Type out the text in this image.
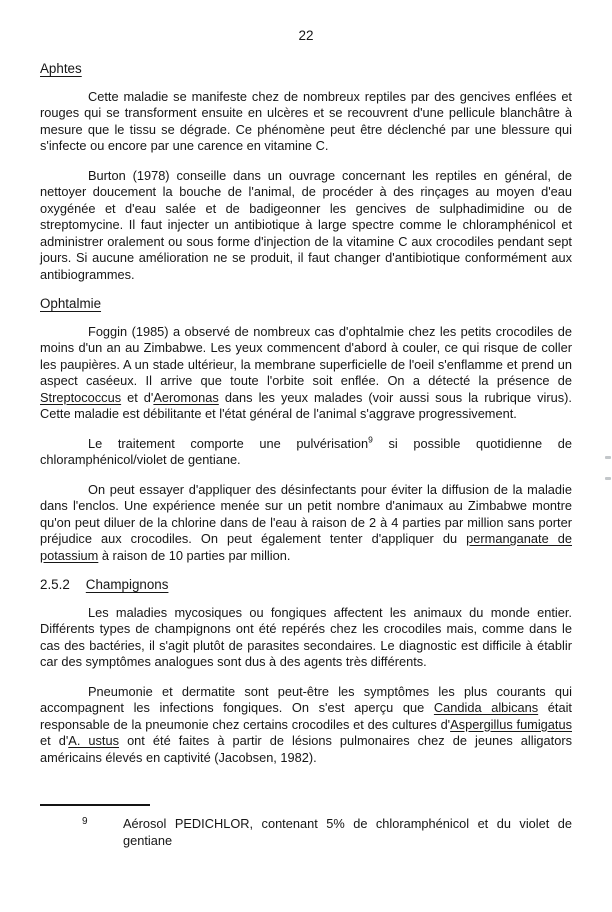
22
Aphtes

Cette maladie se manifeste chez de nombreux reptiles par des gencives enflées et rouges qui se transforment ensuite en ulcères et se recouvrent d'une pellicule blanchâtre à mesure que le tissu se dégrade. Ce phénomène peut être déclenché par une blessure qui s'infecte ou encore par une carence en vitamine C.

Burton (1978) conseille dans un ouvrage concernant les reptiles en général, de nettoyer doucement la bouche de l'animal, de procéder à des rinçages au moyen d'eau oxygénée et d'eau salée et de badigeonner les gencives de sulphadimidine ou de streptomycine. Il faut injecter un antibiotique à large spectre comme le chloramphénicol et administrer oralement ou sous forme d'injection de la vitamine C aux crocodiles pendant sept jours. Si aucune amélioration ne se produit, il faut changer d'antibiotique conformément aux antibiogrammes.

Ophtalmie

Foggin (1985) a observé de nombreux cas d'ophtalmie chez les petits crocodiles de moins d'un an au Zimbabwe. Les yeux commencent d'abord à couler, ce qui risque de coller les paupières. A un stade ultérieur, la membrane superficielle de l'oeil s'enflamme et prend un aspect caséeux. Il arrive que toute l'orbite soit enflée. On a détecté la présence de Streptococcus et d'Aeromonas dans les yeux malades (voir aussi sous la rubrique virus). Cette maladie est débilitante et l'état général de l'animal s'aggrave progressivement.

Le traitement comporte une pulvérisation$^9$ si possible quotidienne de chloramphénicol/violet de gentiane.

On peut essayer d'appliquer des désinfectants pour éviter la diffusion de la maladie dans l'enclos. Une expérience menée sur un petit nombre d'animaux au Zimbabwe montre qu'on peut diluer de la chlorine dans de l'eau à raison de 2 à 4 parties par million sans porter préjudice aux crocodiles. On peut également tenter d'appliquer du permanganate de potassium à raison de 10 parties par million.

2.5.2 Champignons

Les maladies mycosiques ou fongiques affectent les animaux du monde entier. Différents types de champignons ont été repérés chez les crocodiles mais, comme dans le cas des bactéries, il s'agit plutôt de parasites secondaires. Le diagnostic est difficile à établir car des symptômes analogues sont dus à des agents très différents.

Pneumonie et dermatite sont peut-être les symptômes les plus courants qui accompagnent les infections fongiques. On s'est aperçu que Candida albicans était responsable de la pneumonie chez certains crocodiles et des cultures d'Aspergillus fumigatus et d'A. ustus ont été faites à partir de lésions pulmonaires chez de jeunes alligators américains élevés en captivité (Jacobsen, 1982).

9	Aérosol PEDICHLOR, contenant 5% de chloramphénicol et du violet de gentiane
